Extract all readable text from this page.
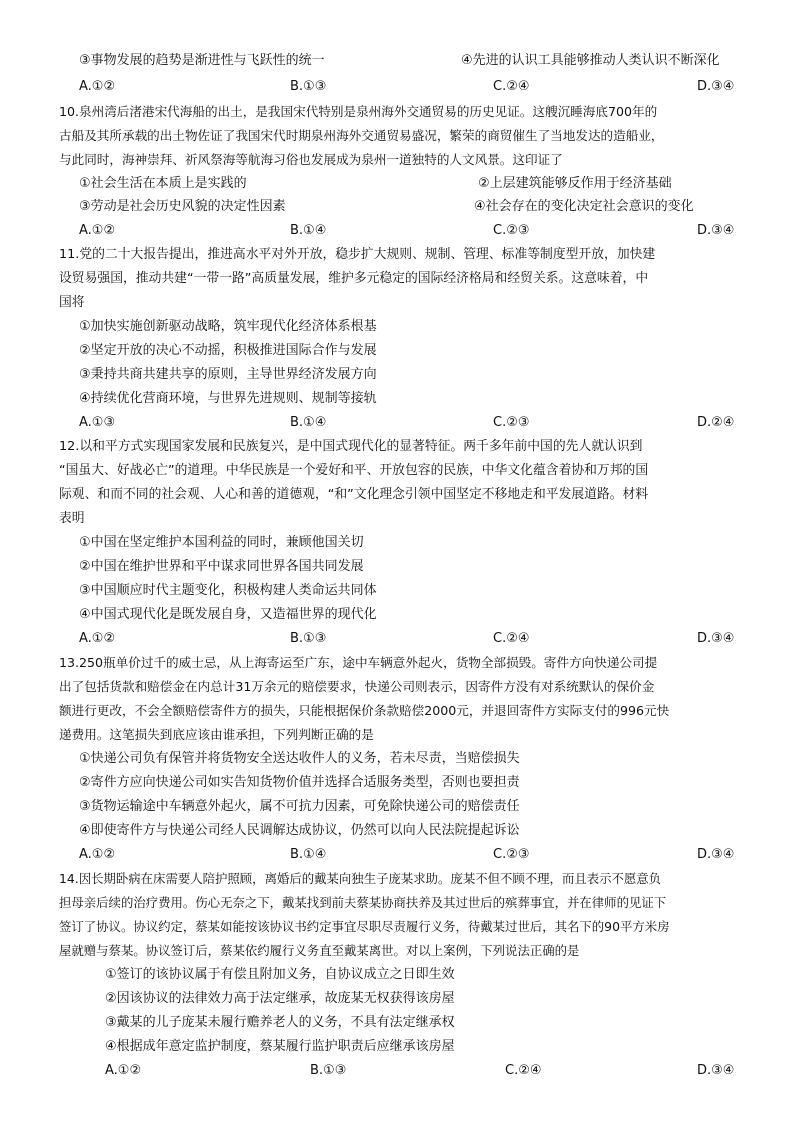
③事物发展的趋势是渐进性与飞跃性的统一	④先进的认识工具能够推动人类认识不断深化
A.①②	B.①③	C.②④	D.③④
10.泉州湾后渚港宋代海船的出土，是我国宋代特别是泉州海外交通贸易的历史见证。这艘沉睡海底700年的
古船及其所承载的出土物佐证了我国宋代时期泉州海外交通贸易盛况，繁荣的商贸催生了当地发达的造船业，
与此同时，海神崇拜、祈风祭海等航海习俗也发展成为泉州一道独特的人文风景。这印证了
①社会生活在本质上是实践的	②上层建筑能够反作用于经济基础
③劳动是社会历史风貌的决定性因素	④社会存在的变化决定社会意识的变化
A.①②	B.①④	C.②③	D.③④
11.党的二十大报告提出，推进高水平对外开放，稳步扩大规则、规制、管理、标准等制度型开放，加快建
设贸易强国，推动共建“一带一路”高质量发展，维护多元稳定的国际经济格局和经贸关系。这意味着，中
国将
①加快实施创新驱动战略，筑牢现代化经济体系根基
②坚定开放的决心不动摇，积极推进国际合作与发展
③秉持共商共建共享的原则，主导世界经济发展方向
④持续优化营商环境，与世界先进规则、规制等接轨
A.①③	B.①④	C.②③	D.②④
12.以和平方式实现国家发展和民族复兴，是中国式现代化的显著特征。两千多年前中国的先人就认识到
“国虽大、好战必亡”的道理。中华民族是一个爱好和平、开放包容的民族，中华文化蕴含着协和万邦的国
际观、和而不同的社会观、人心和善的道德观，“和”文化理念引领中国坚定不移地走和平发展道路。材料
表明
①中国在坚定维护本国利益的同时，兼顾他国关切
②中国在维护世界和平中谋求同世界各国共同发展
③中国顺应时代主题变化，积极构建人类命运共同体
④中国式现代化是既发展自身，又造福世界的现代化
A.①②	B.①③	C.②④	D.③④
13.250瓶单价过千的威士忌，从上海寄运至广东，途中车辆意外起火，货物全部损毁。寄件方向快递公司提
出了包括货款和赔偿金在内总计31万余元的赔偿要求，快递公司则表示，因寄件方没有对系统默认的保价金
额进行更改，不会全额赔偿寄件方的损失，只能根据保价条款赔偿2000元，并退回寄件方实际支付的996元快
递费用。这笔损失到底应该由谁承担，下列判断正确的是
①快递公司负有保管并将货物安全送达收件人的义务，若未尽责，当赔偿损失
②寄件方应向快递公司如实告知货物价值并选择合适服务类型，否则也要担责
③货物运输途中车辆意外起火，属不可抗力因素，可免除快递公司的赔偿责任
④即使寄件方与快递公司经人民调解达成协议，仍然可以向人民法院提起诉讼
A.①②	B.①④	C.②③	D.③④
14.因长期卧病在床需要人陪护照顾，离婚后的戴某向独生子庞某求助。庞某不但不顾不理，而且表示不愿意负
担母亲后续的治疗费用。伤心无奈之下，戴某找到前夫蔡某协商扶养及其过世后的殡葬事宜，并在律师的见证下
签订了协议。协议约定，蔡某如能按该协议书约定事宜尽职尽责履行义务，待戴某过世后，其名下的90平方米房
屋就赠与蔡某。协议签订后，蔡某依约履行义务直至戴某离世。对以上案例，下列说法正确的是
①签订的该协议属于有偿且附加义务，自协议成立之日即生效
②因该协议的法律效力高于法定继承，故庞某无权获得该房屋
③戴某的儿子庞某未履行赡养老人的义务，不具有法定继承权
④根据成年意定监护制度，蔡某履行监护职责后应继承该房屋
A.①②	B.①③	C.②④	D.③④
